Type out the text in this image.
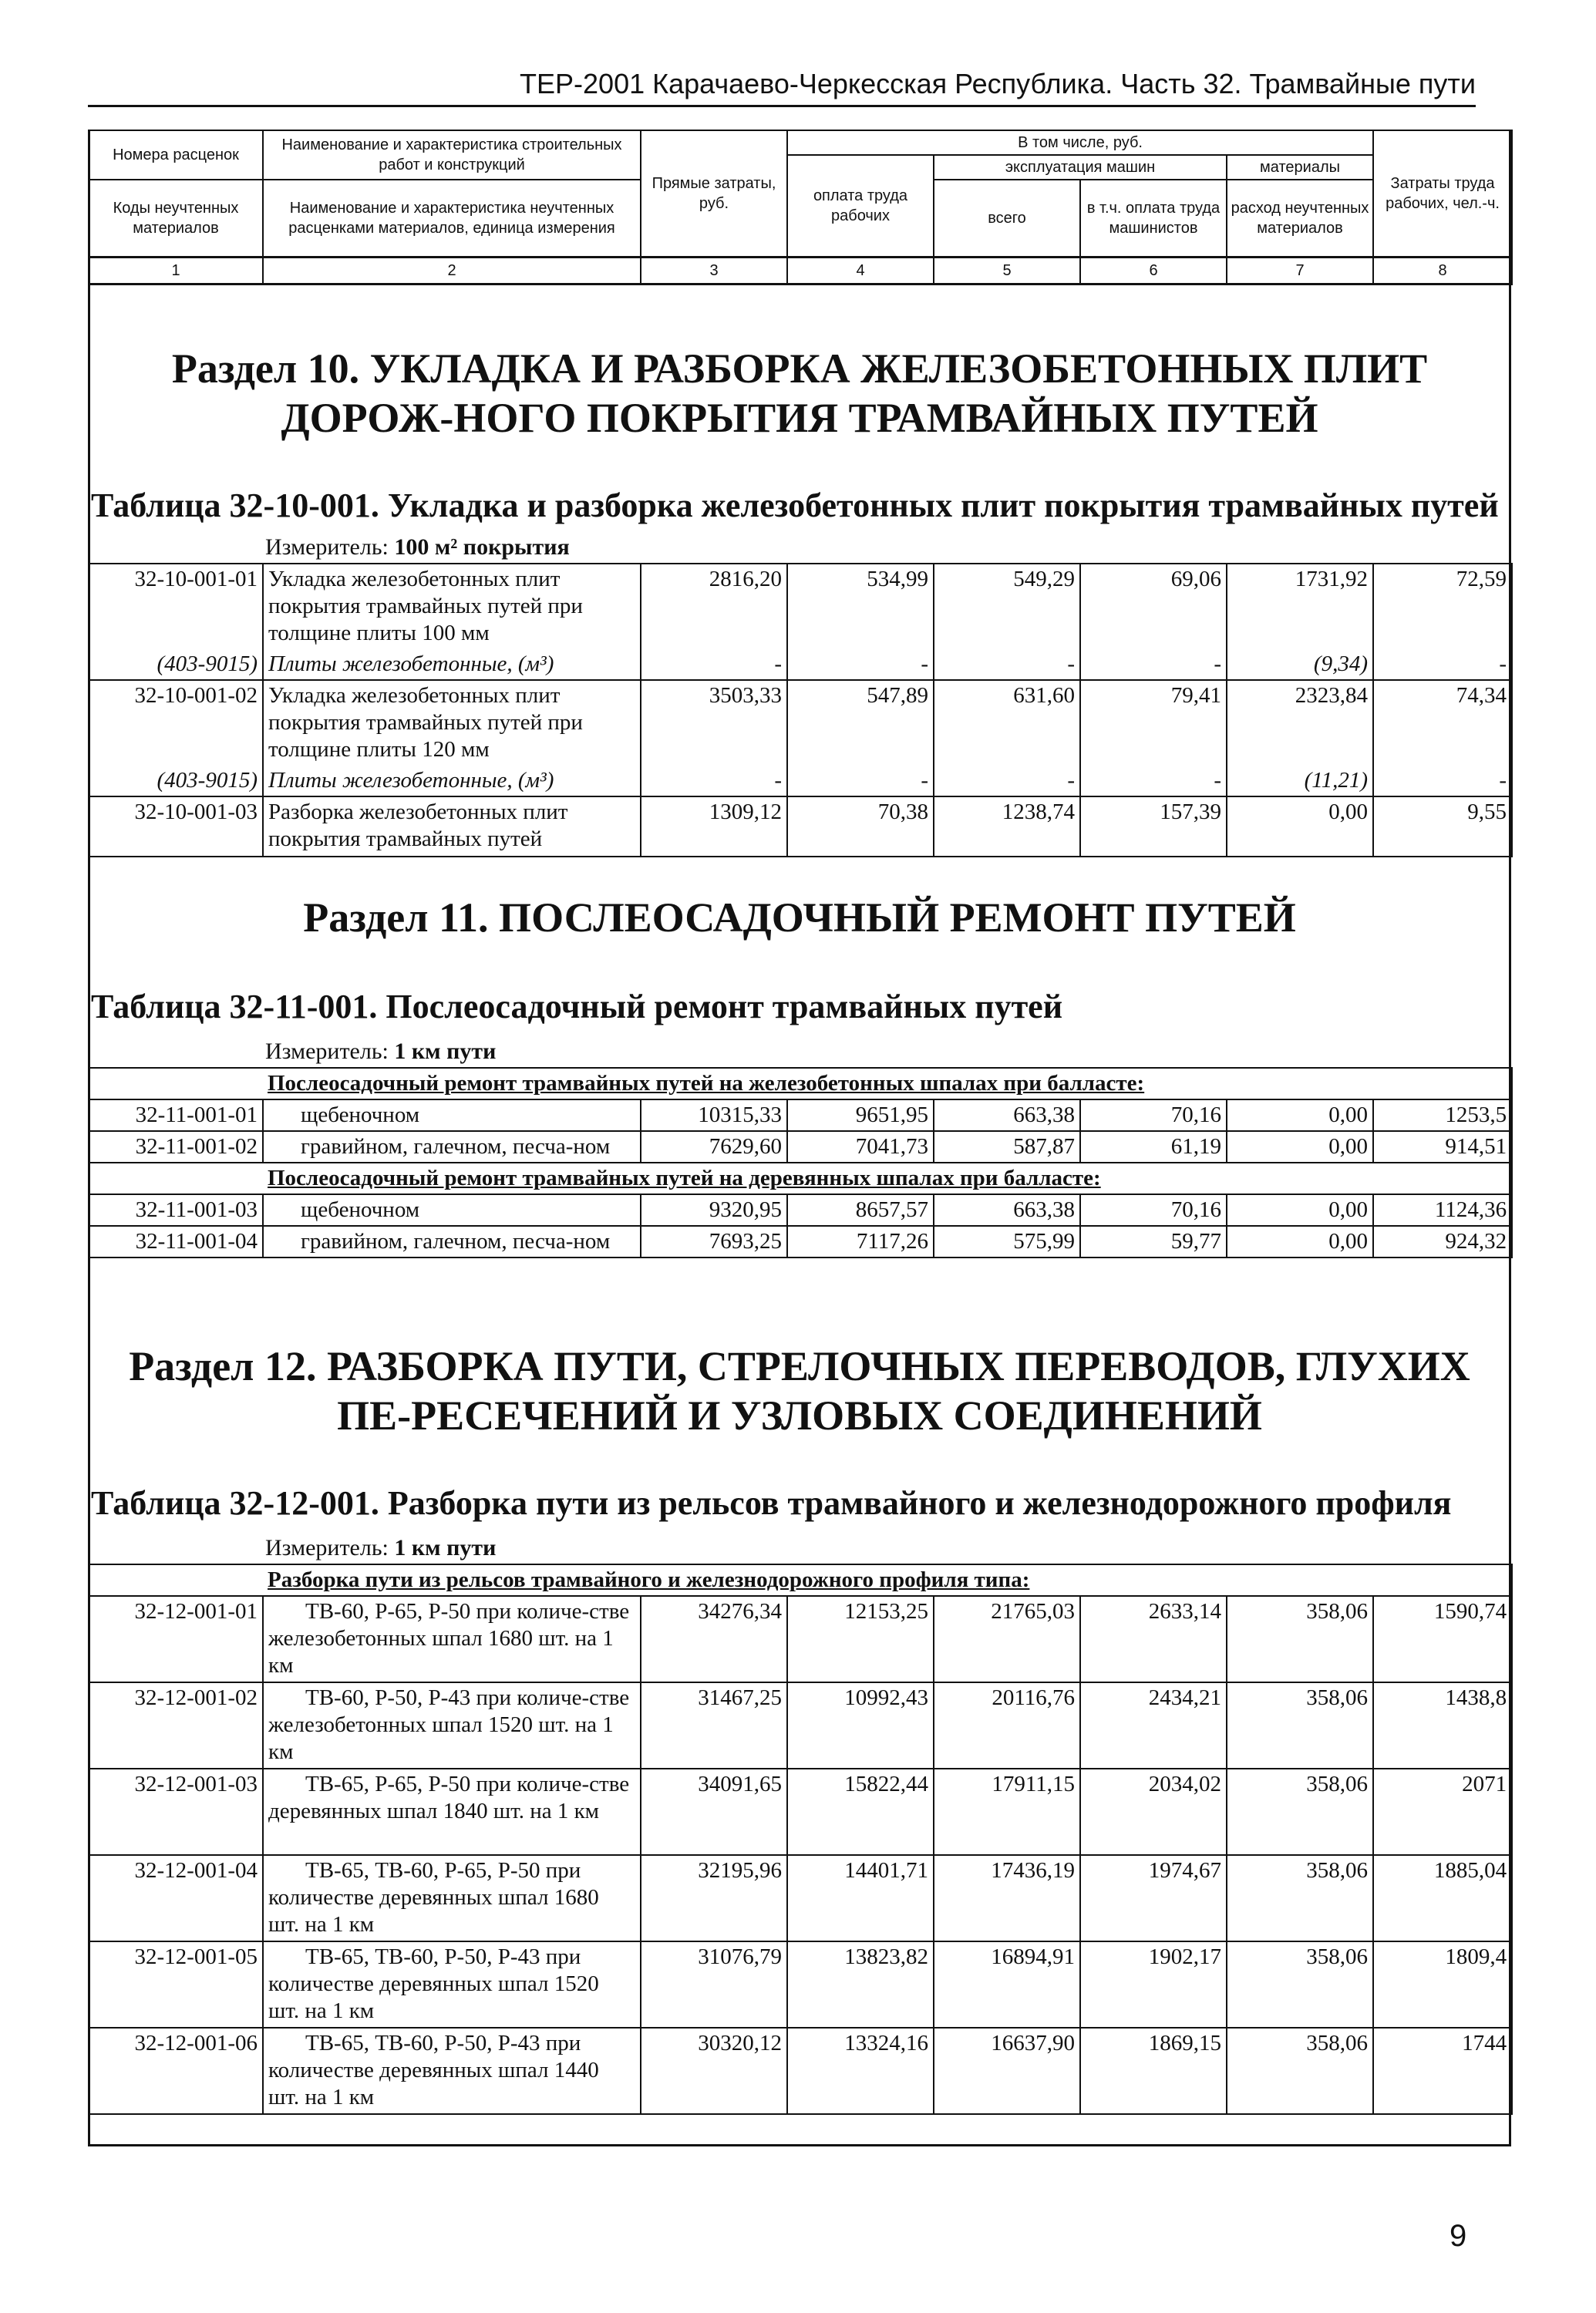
ТЕР-2001 Карачаево-Черкесская Республика. Часть 32. Трамвайные пути
Номера расценок	Наименование и характеристика строительных работ и конструкций	Прямые затраты, руб.	В том числе, руб.				Затраты труда рабочих, чел.-ч.
			оплата труда рабочих	эксплуатация машин		материалы	
Коды неучтенных материалов	Наименование и характеристика неучтенных расценками материалов, единица измерения			всего	в т.ч. оплата труда машинистов	расход неучтенных материалов	

1	2	3	4	5	6	7	8
Раздел 10. УКЛАДКА И РАЗБОРКА ЖЕЛЕЗОБЕТОННЫХ ПЛИТ ДОРОЖ-НОГО ПОКРЫТИЯ ТРАМВАЙНЫХ ПУТЕЙ
Таблица 32-10-001. Укладка и разборка железобетонных плит покрытия трамвайных путей
Измеритель: 100 м² покрытия
32-10-001-01	Укладка железобетонных плит покрытия трамвайных путей при толщине плиты 100 мм	2816,20	534,99	549,29	69,06	1731,92	72,59
(403-9015)	Плиты железобетонные, (м³)	-	-	-	-	(9,34)	-
32-10-001-02	Укладка железобетонных плит покрытия трамвайных путей при толщине плиты 120 мм	3503,33	547,89	631,60	79,41	2323,84	74,34
(403-9015)	Плиты железобетонные, (м³)	-	-	-	-	(11,21)	-
32-10-001-03	Разборка железобетонных плит покрытия трамвайных путей	1309,12	70,38	1238,74	157,39	0,00	9,55
Раздел 11. ПОСЛЕОСАДОЧНЫЙ РЕМОНТ ПУТЕЙ
Таблица 32-11-001. Послеосадочный ремонт трамвайных путей
Измеритель: 1 км пути
	Послеосадочный ремонт трамвайных путей на железобетонных шпалах при балласте:						
32-11-001-01	щебеночном	10315,33	9651,95	663,38	70,16	0,00	1253,5
32-11-001-02	гравийном, галечном, песча-ном	7629,60	7041,73	587,87	61,19	0,00	914,51
	Послеосадочный ремонт трамвайных путей на деревянных шпалах при балласте:						
32-11-001-03	щебеночном	9320,95	8657,57	663,38	70,16	0,00	1124,36
32-11-001-04	гравийном, галечном, песча-ном	7693,25	7117,26	575,99	59,77	0,00	924,32
Раздел 12. РАЗБОРКА ПУТИ, СТРЕЛОЧНЫХ ПЕРЕВОДОВ, ГЛУХИХ ПЕ-РЕСЕЧЕНИЙ И УЗЛОВЫХ СОЕДИНЕНИЙ
Таблица 32-12-001. Разборка пути из рельсов трамвайного и железнодорожного профиля
Измеритель: 1 км пути
	Разборка пути из рельсов трамвайного и железнодорожного профиля типа:						
32-12-001-01	ТВ-60, Р-65, Р-50 при количе-стве железобетонных шпал 1680 шт. на 1 км	34276,34	12153,25	21765,03	2633,14	358,06	1590,74
32-12-001-02	ТВ-60, Р-50, Р-43 при количе-стве железобетонных шпал 1520 шт. на 1 км	31467,25	10992,43	20116,76	2434,21	358,06	1438,8
32-12-001-03	ТВ-65, Р-65, Р-50 при количе-стве деревянных шпал 1840 шт. на 1 км	34091,65	15822,44	17911,15	2034,02	358,06	2071
32-12-001-04	ТВ-65, ТВ-60, Р-65, Р-50 при количестве деревянных шпал 1680 шт. на 1 км	32195,96	14401,71	17436,19	1974,67	358,06	1885,04
32-12-001-05	ТВ-65, ТВ-60, Р-50, Р-43 при количестве деревянных шпал 1520 шт. на 1 км	31076,79	13823,82	16894,91	1902,17	358,06	1809,4
32-12-001-06	ТВ-65, ТВ-60, Р-50, Р-43 при количестве деревянных шпал 1440 шт. на 1 км	30320,12	13324,16	16637,90	1869,15	358,06	1744
9
